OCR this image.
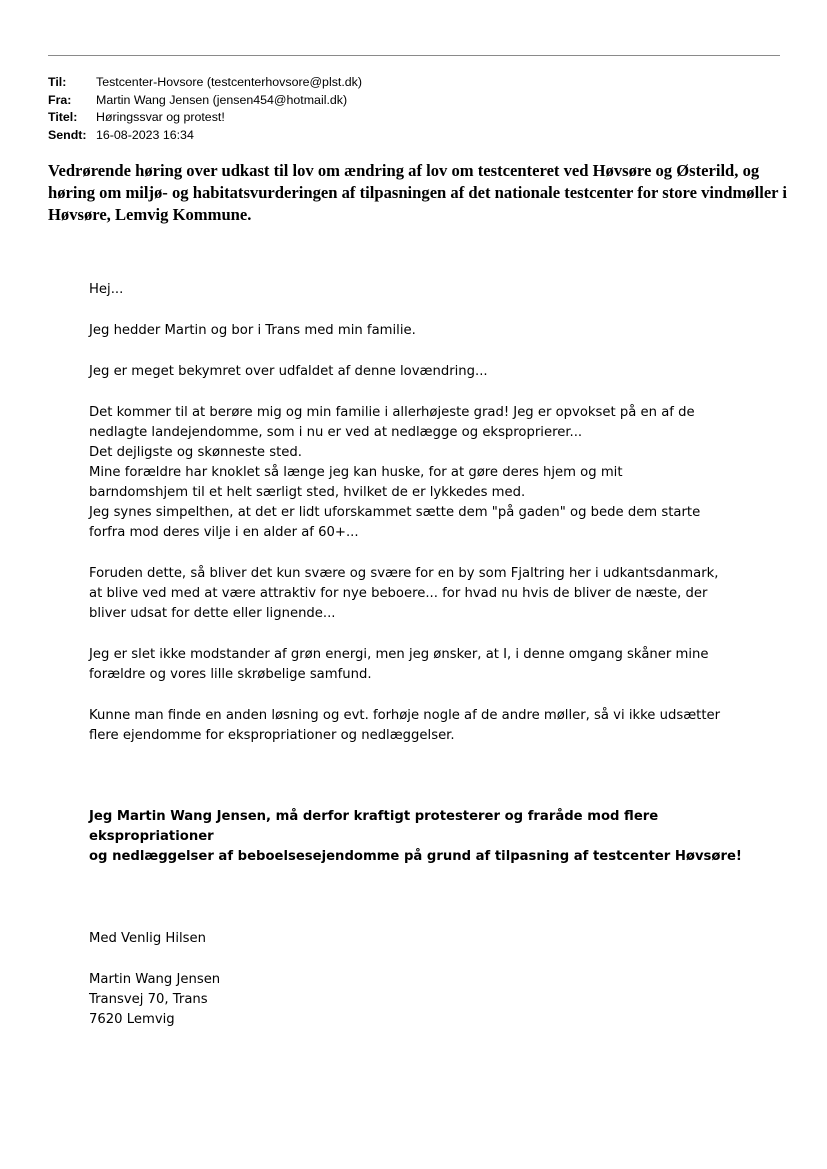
Til:	Testcenter-Hovsore (testcenterhovsore@plst.dk)
Fra:	Martin Wang Jensen (jensen454@hotmail.dk)
Titel:	Høringssvar og protest!
Sendt: 16-08-2023 16:34
Vedrørende høring over udkast til lov om ændring af lov om testcenteret ved Høvsøre og Østerild, og høring om miljø- og habitatsvurderingen af tilpasningen af det nationale testcenter for store vindmøller i Høvsøre, Lemvig Kommune.

Hej...

Jeg hedder Martin og bor i Trans med min familie.

Jeg er meget bekymret over udfaldet af denne lovændring...

Det kommer til at berøre mig og min familie i allerhøjeste grad! Jeg er opvokset på en af de

nedlagte landejendomme, som i nu er ved at nedlægge og eksproprierer...

Det dejligste og skønneste sted.

Mine forældre har knoklet så længe jeg kan huske, for at gøre deres hjem og mit

barndomshjem til et helt særligt sted, hvilket de er lykkedes med.

Jeg synes simpelthen, at det er lidt uforskammet sætte dem "på gaden" og bede dem starte

forfra mod deres vilje i en alder af 60+...

Foruden dette, så bliver det kun svære og svære for en by som Fjaltring her i udkantsdanmark,

at blive ved med at være attraktiv for nye beboere... for hvad nu hvis de bliver de næste, der

bliver udsat for dette eller lignende...

Jeg er slet ikke modstander af grøn energi, men jeg ønsker, at I, i denne omgang skåner mine

forældre og vores lille skrøbelige samfund.

Kunne man finde en anden løsning og evt. forhøje nogle af de andre møller, så vi ikke udsætter

flere ejendomme for ekspropriationer og nedlæggelser.

Jeg Martin Wang Jensen, må derfor kraftigt protesterer og fraråde mod flere ekspropriationer

og nedlæggelser af beboelsesejendomme på grund af tilpasning af testcenter Høvsøre!

Med Venlig Hilsen

Martin Wang Jensen

Transvej 70, Trans

7620 Lemvig
